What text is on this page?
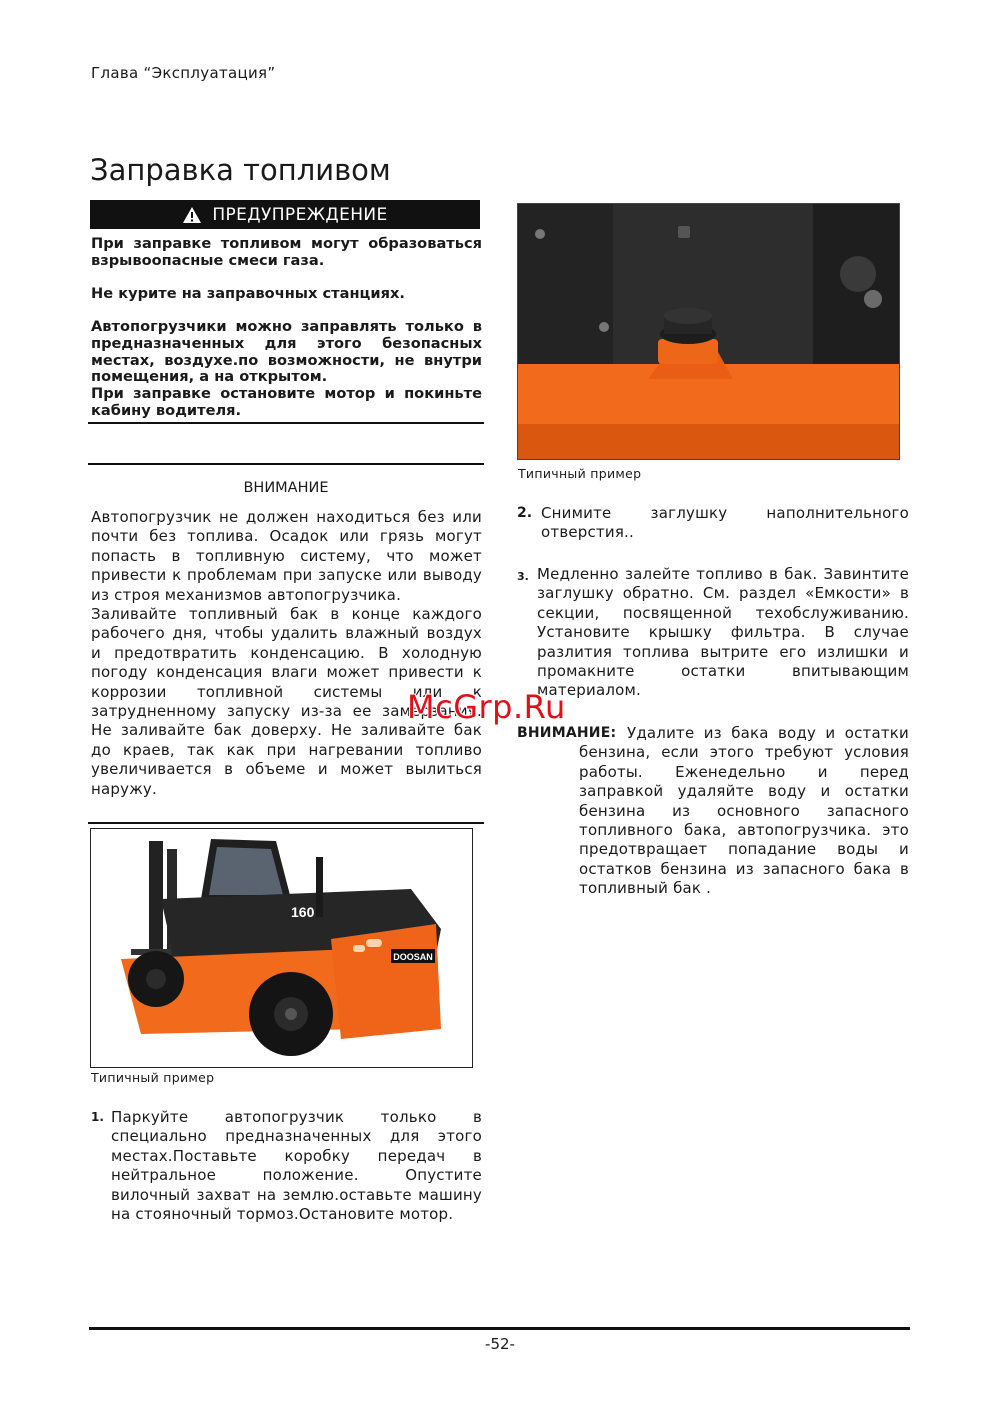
Глава “Эксплуатация”
Заправка топливом
ПРЕДУПРЕЖДЕНИЕ

При заправке топливом могут образоваться взрывоопасные смеси газа.

Не курите на заправочных станциях.

Автопогрузчики можно заправлять только в предназначенных для этого безопасных местах, воздухе.по возможности, не внутри помещения, а на открытом.

При заправке остановите мотор и покиньте кабину водителя.

ВНИМАНИЕ
Автопогрузчик не должен находиться без или почти без топлива. Осадок или грязь могут попасть в топливную систему, что может привести к проблемам при запуске или выводу из строя механизмов автопогрузчика.
Заливайте топливный бак в конце каждого рабочего дня, чтобы удалить влажный воздух и предотвратить конденсацию. В холодную погоду конденсация влаги может привести к коррозии топливной системы или к затрудненному запуску из-за ее замерзания. Не заливайте бак доверху. Не заливайте бак до краев, так как при нагревании топливо увеличивается в объеме и может вылиться наружу.
DOOSAN
160
Типичный пример
1. Паркуйте автопогрузчик только в специально предназначенных для этого местах.Поставьте коробку передач в нейтральное положение. Опустите вилочный захват на землю.оставьте машину на стояночный тормоз.Остановите мотор.
Типичный пример
2. Снимите заглушку наполнительного отверстия..
3. Медленно залейте топливо в бак. Завинтите заглушку обратно. См. раздел «Емкости» в секции, посвященной техобслуживанию. Установите крышку фильтра. В случае разлития топлива вытрите его излишки и промакните остатки впитывающим материалом.
McGrp.Ru
ВНИМАНИЕ: Удалите из бака воду и остатки бензина, если этого требуют условия работы. Еженедельно и перед заправкой удаляйте воду и остатки бензина из основного запасного топливного бака, автопогрузчика. это предотвращает попадание воды и остатков бензина из запасного бака в топливный бак .
-52-
